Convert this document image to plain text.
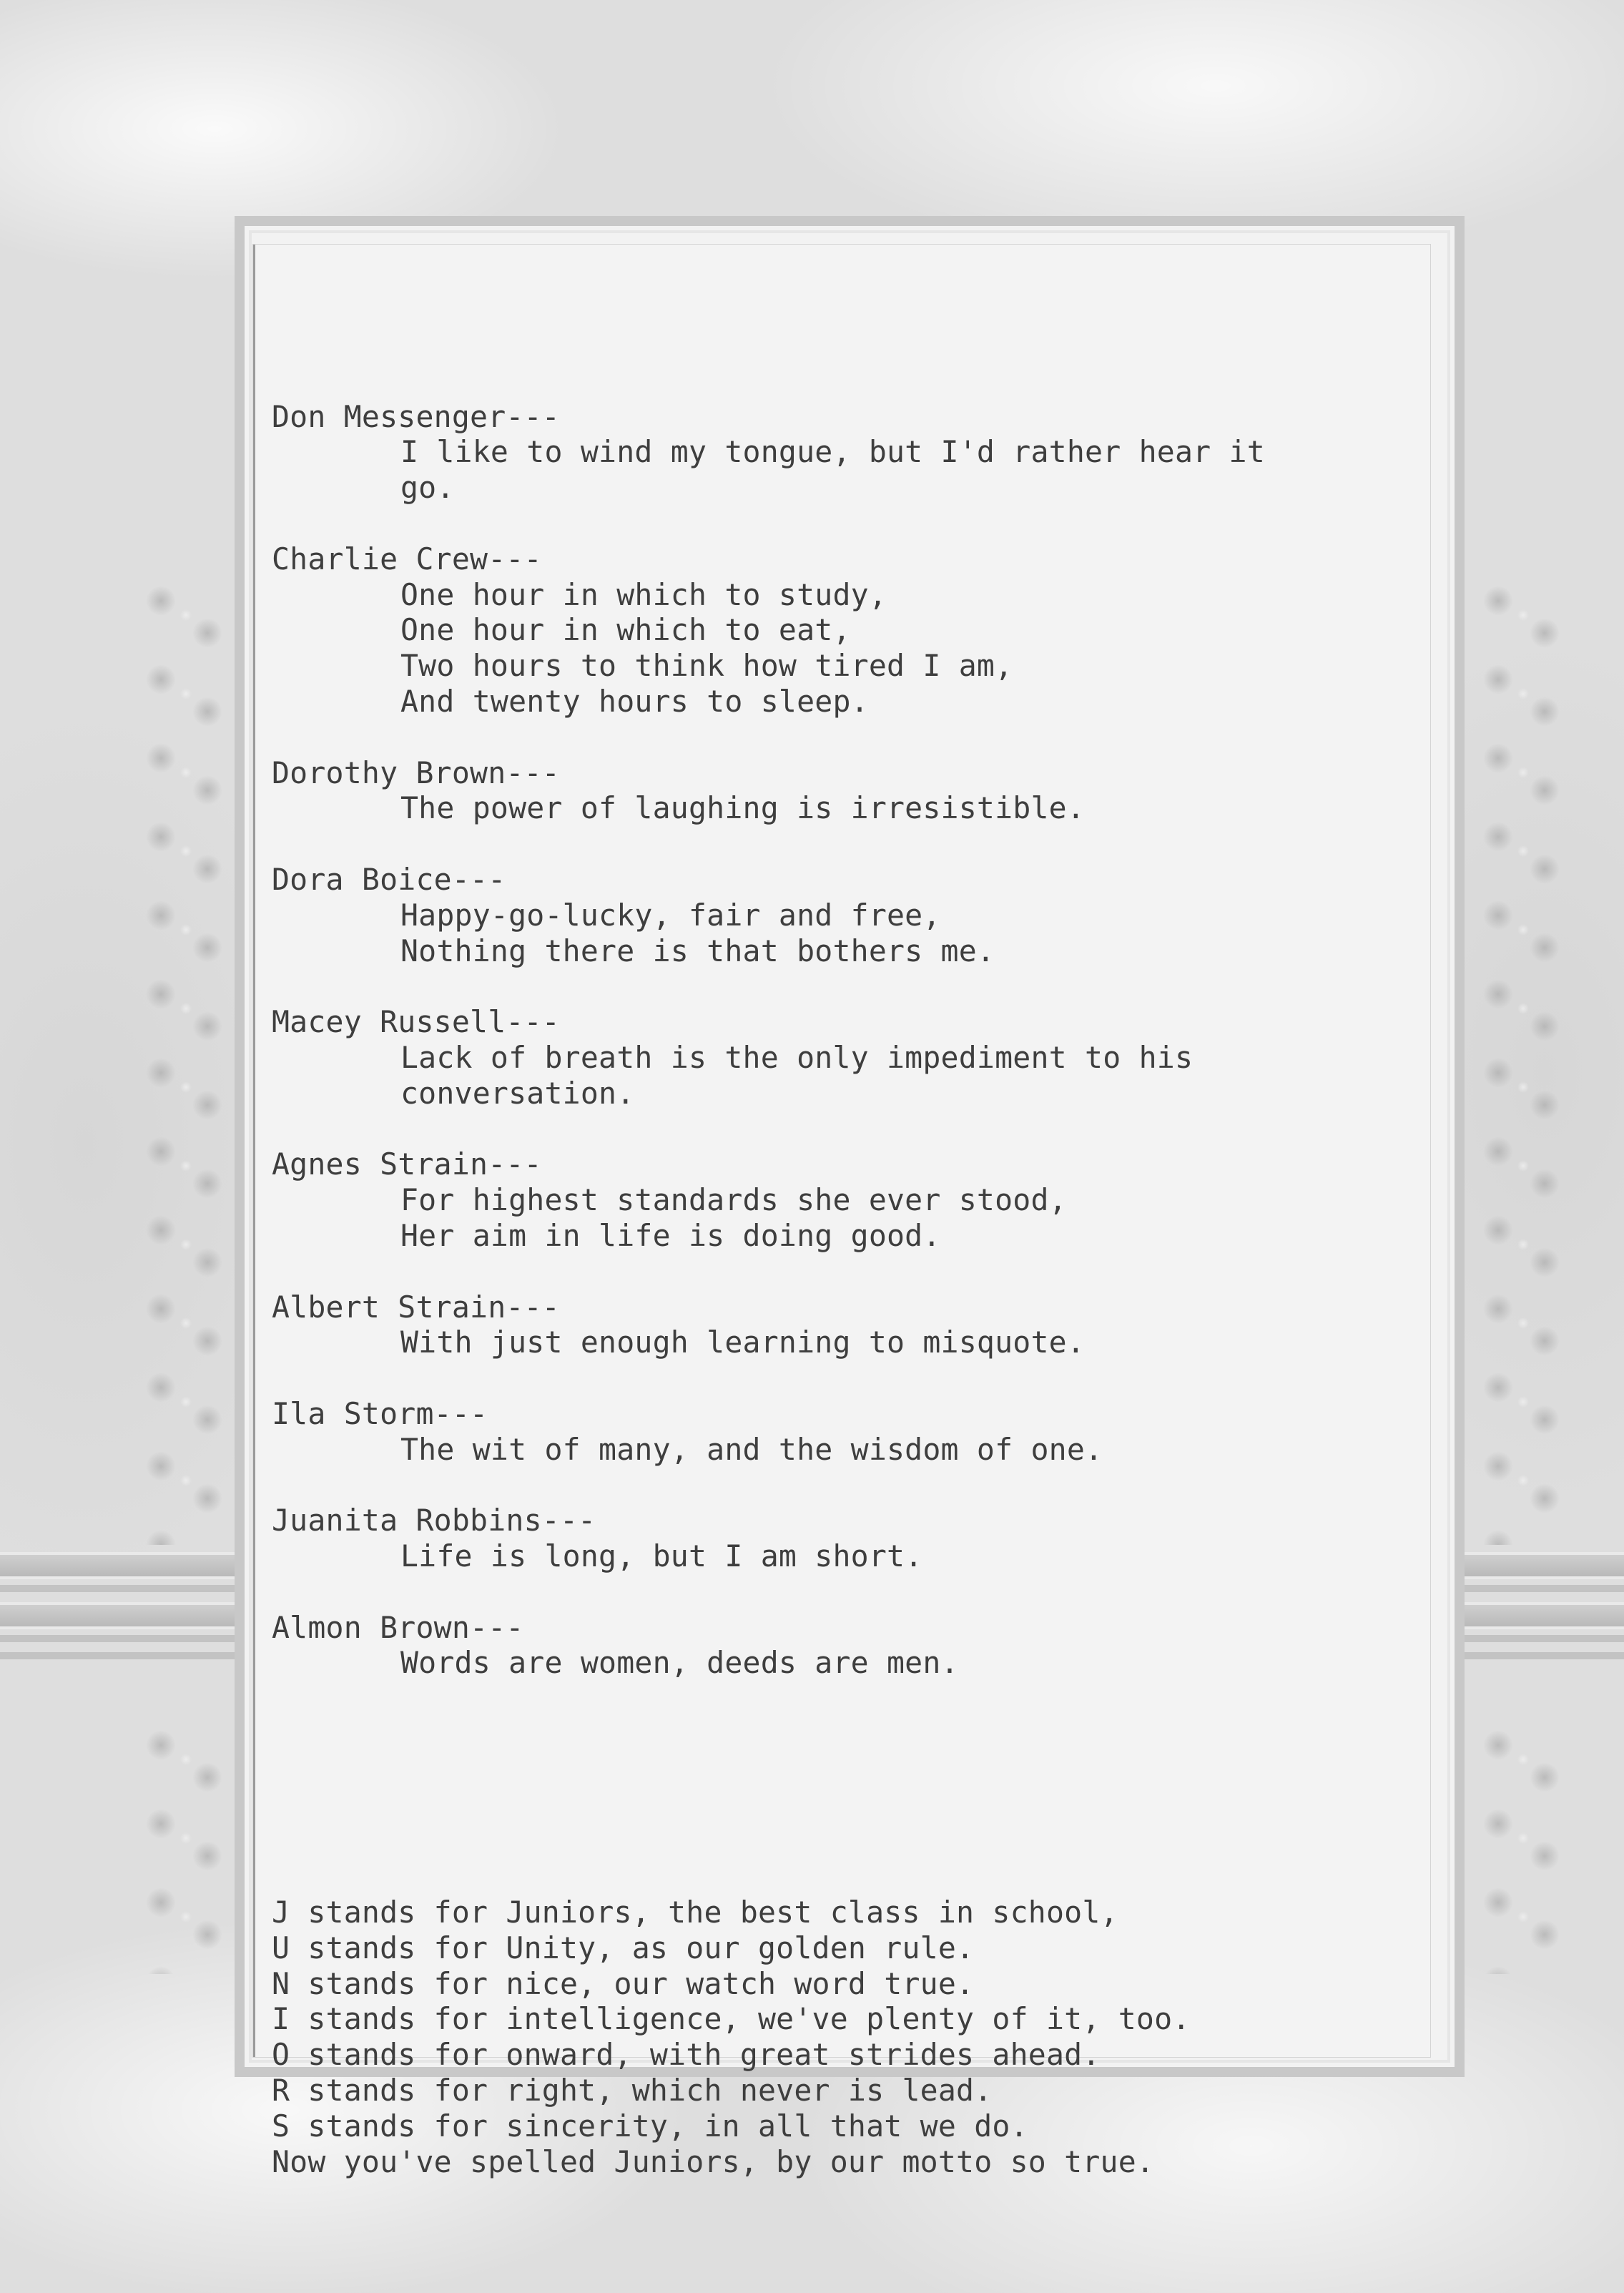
Don Messenger---
I like to wind my tongue, but I'd rather hear it
go.
Charlie Crew---
One hour in which to study,
One hour in which to eat,
Two hours to think how tired I am,
And twenty hours to sleep.
Dorothy Brown---
The power of laughing is irresistible.
Dora Boice---
Happy-go-lucky, fair and free,
Nothing there is that bothers me.
Macey Russell---
Lack of breath is the only impediment to his
conversation.
Agnes Strain---
For highest standards she ever stood,
Her aim in life is doing good.
Albert Strain---
With just enough learning to misquote.
Ila Storm---
The wit of many, and the wisdom of one.
Juanita Robbins---
Life is long, but I am short.
Almon Brown---
Words are women, deeds are men.

J stands for Juniors, the best class in school,
U stands for Unity, as our golden rule.
N stands for nice, our watch word true.
I stands for intelligence, we've plenty of it, too.
O stands for onward, with great strides ahead.
R stands for right, which never is lead.
S stands for sincerity, in all that we do.
Now you've spelled Juniors, by our motto so true.
